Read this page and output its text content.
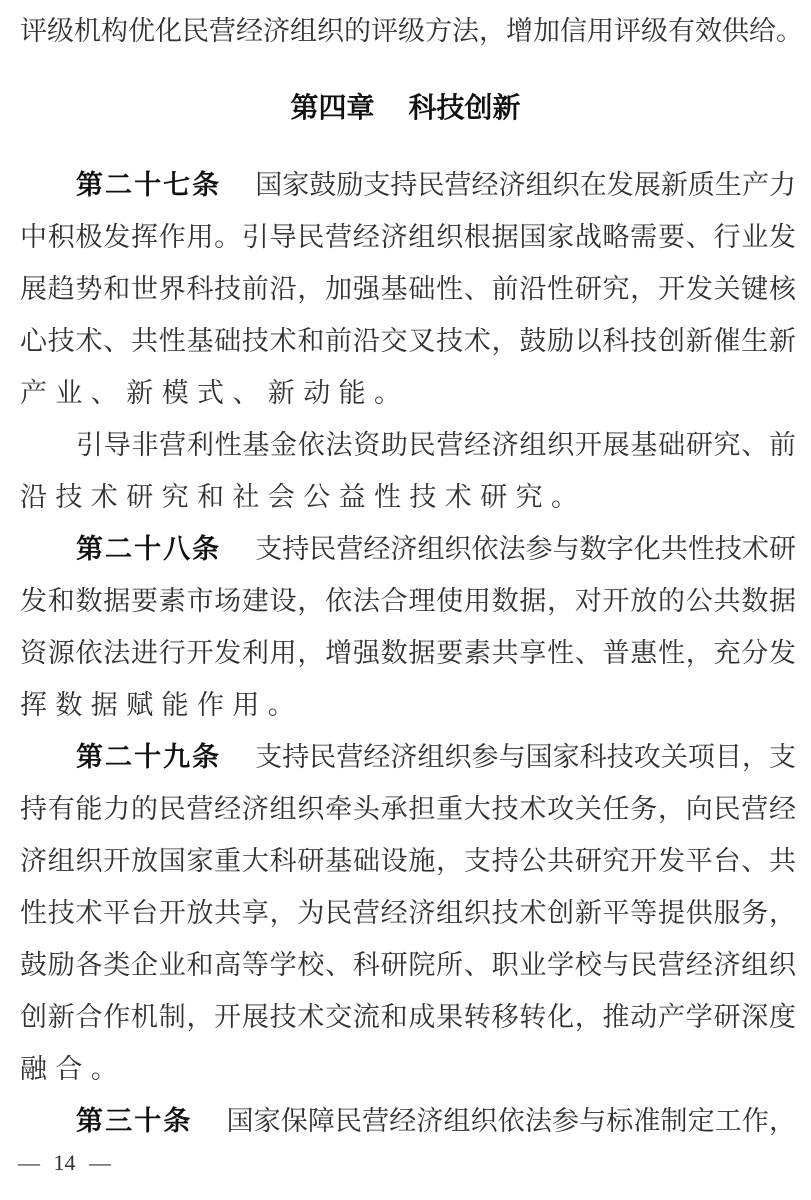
评级机构优化民营经济组织的评级方法，增加信用评级有效供给。
第四章 科技创新
第二十七条 国家鼓励支持民营经济组织在发展新质生产力
中积极发挥作用。引导民营经济组织根据国家战略需要、行业发
展趋势和世界科技前沿，加强基础性、前沿性研究，开发关键核
心技术、共性基础技术和前沿交叉技术，鼓励以科技创新催生新
产业、新模式、新动能。
引导非营利性基金依法资助民营经济组织开展基础研究、前
沿技术研究和社会公益性技术研究。
第二十八条 支持民营经济组织依法参与数字化共性技术研
发和数据要素市场建设，依法合理使用数据，对开放的公共数据
资源依法进行开发利用，增强数据要素共享性、普惠性，充分发
挥数据赋能作用。
第二十九条 支持民营经济组织参与国家科技攻关项目，支
持有能力的民营经济组织牵头承担重大技术攻关任务，向民营经
济组织开放国家重大科研基础设施，支持公共研究开发平台、共
性技术平台开放共享，为民营经济组织技术创新平等提供服务，
鼓励各类企业和高等学校、科研院所、职业学校与民营经济组织
创新合作机制，开展技术交流和成果转移转化，推动产学研深度
融合。
第三十条 国家保障民营经济组织依法参与标准制定工作，
— 14 —
